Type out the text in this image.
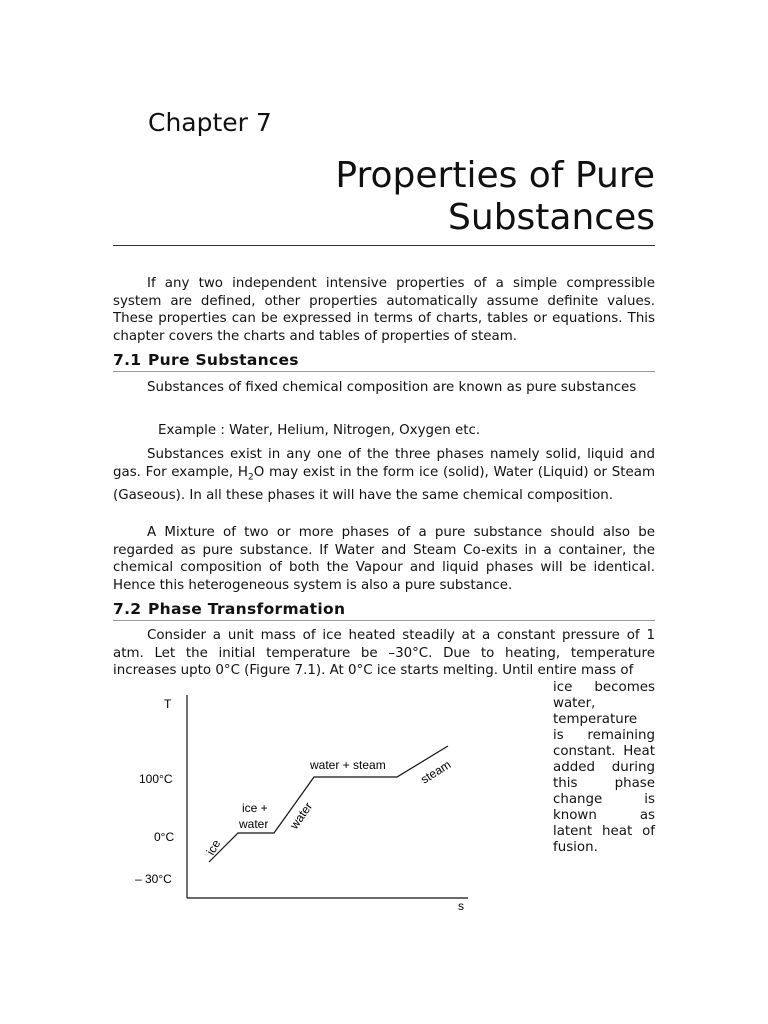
Chapter 7
Properties of Pure
Substances
If any two independent intensive properties of a simple compressible system are defined, other properties automatically assume definite values. These properties can be expressed in terms of charts, tables or equations. This chapter covers the charts and tables of properties of steam.
7.1 Pure Substances
Substances of fixed chemical composition are known as pure substances
Example : Water, Helium, Nitrogen, Oxygen etc.
Substances exist in any one of the three phases namely solid, liquid and gas. For example, $H_2O$ may exist in the form ice (solid), Water (Liquid) or Steam (Gaseous). In all these phases it will have the same chemical composition.
A Mixture of two or more phases of a pure substance should also be regarded as pure substance. If Water and Steam Co-exits in a container, the chemical composition of both the Vapour and liquid phases will be identical. Hence this heterogeneous system is also a pure substance.
7.2 Phase Transformation
Consider a unit mass of ice heated steadily at a constant pressure of 1 atm. Let the initial temperature be –30°C. Due to heating, temperature increases upto 0°C (Figure 7.1). At 0°C ice starts melting. Until entire mass of
ice becomes
water,
temperature
is remaining
constant. Heat
added during
this phase
change is
known as
latent heat of
fusion.
T
s
100°C
0°C
– 30°C
ice
ice +
water water
water + steam	steam
